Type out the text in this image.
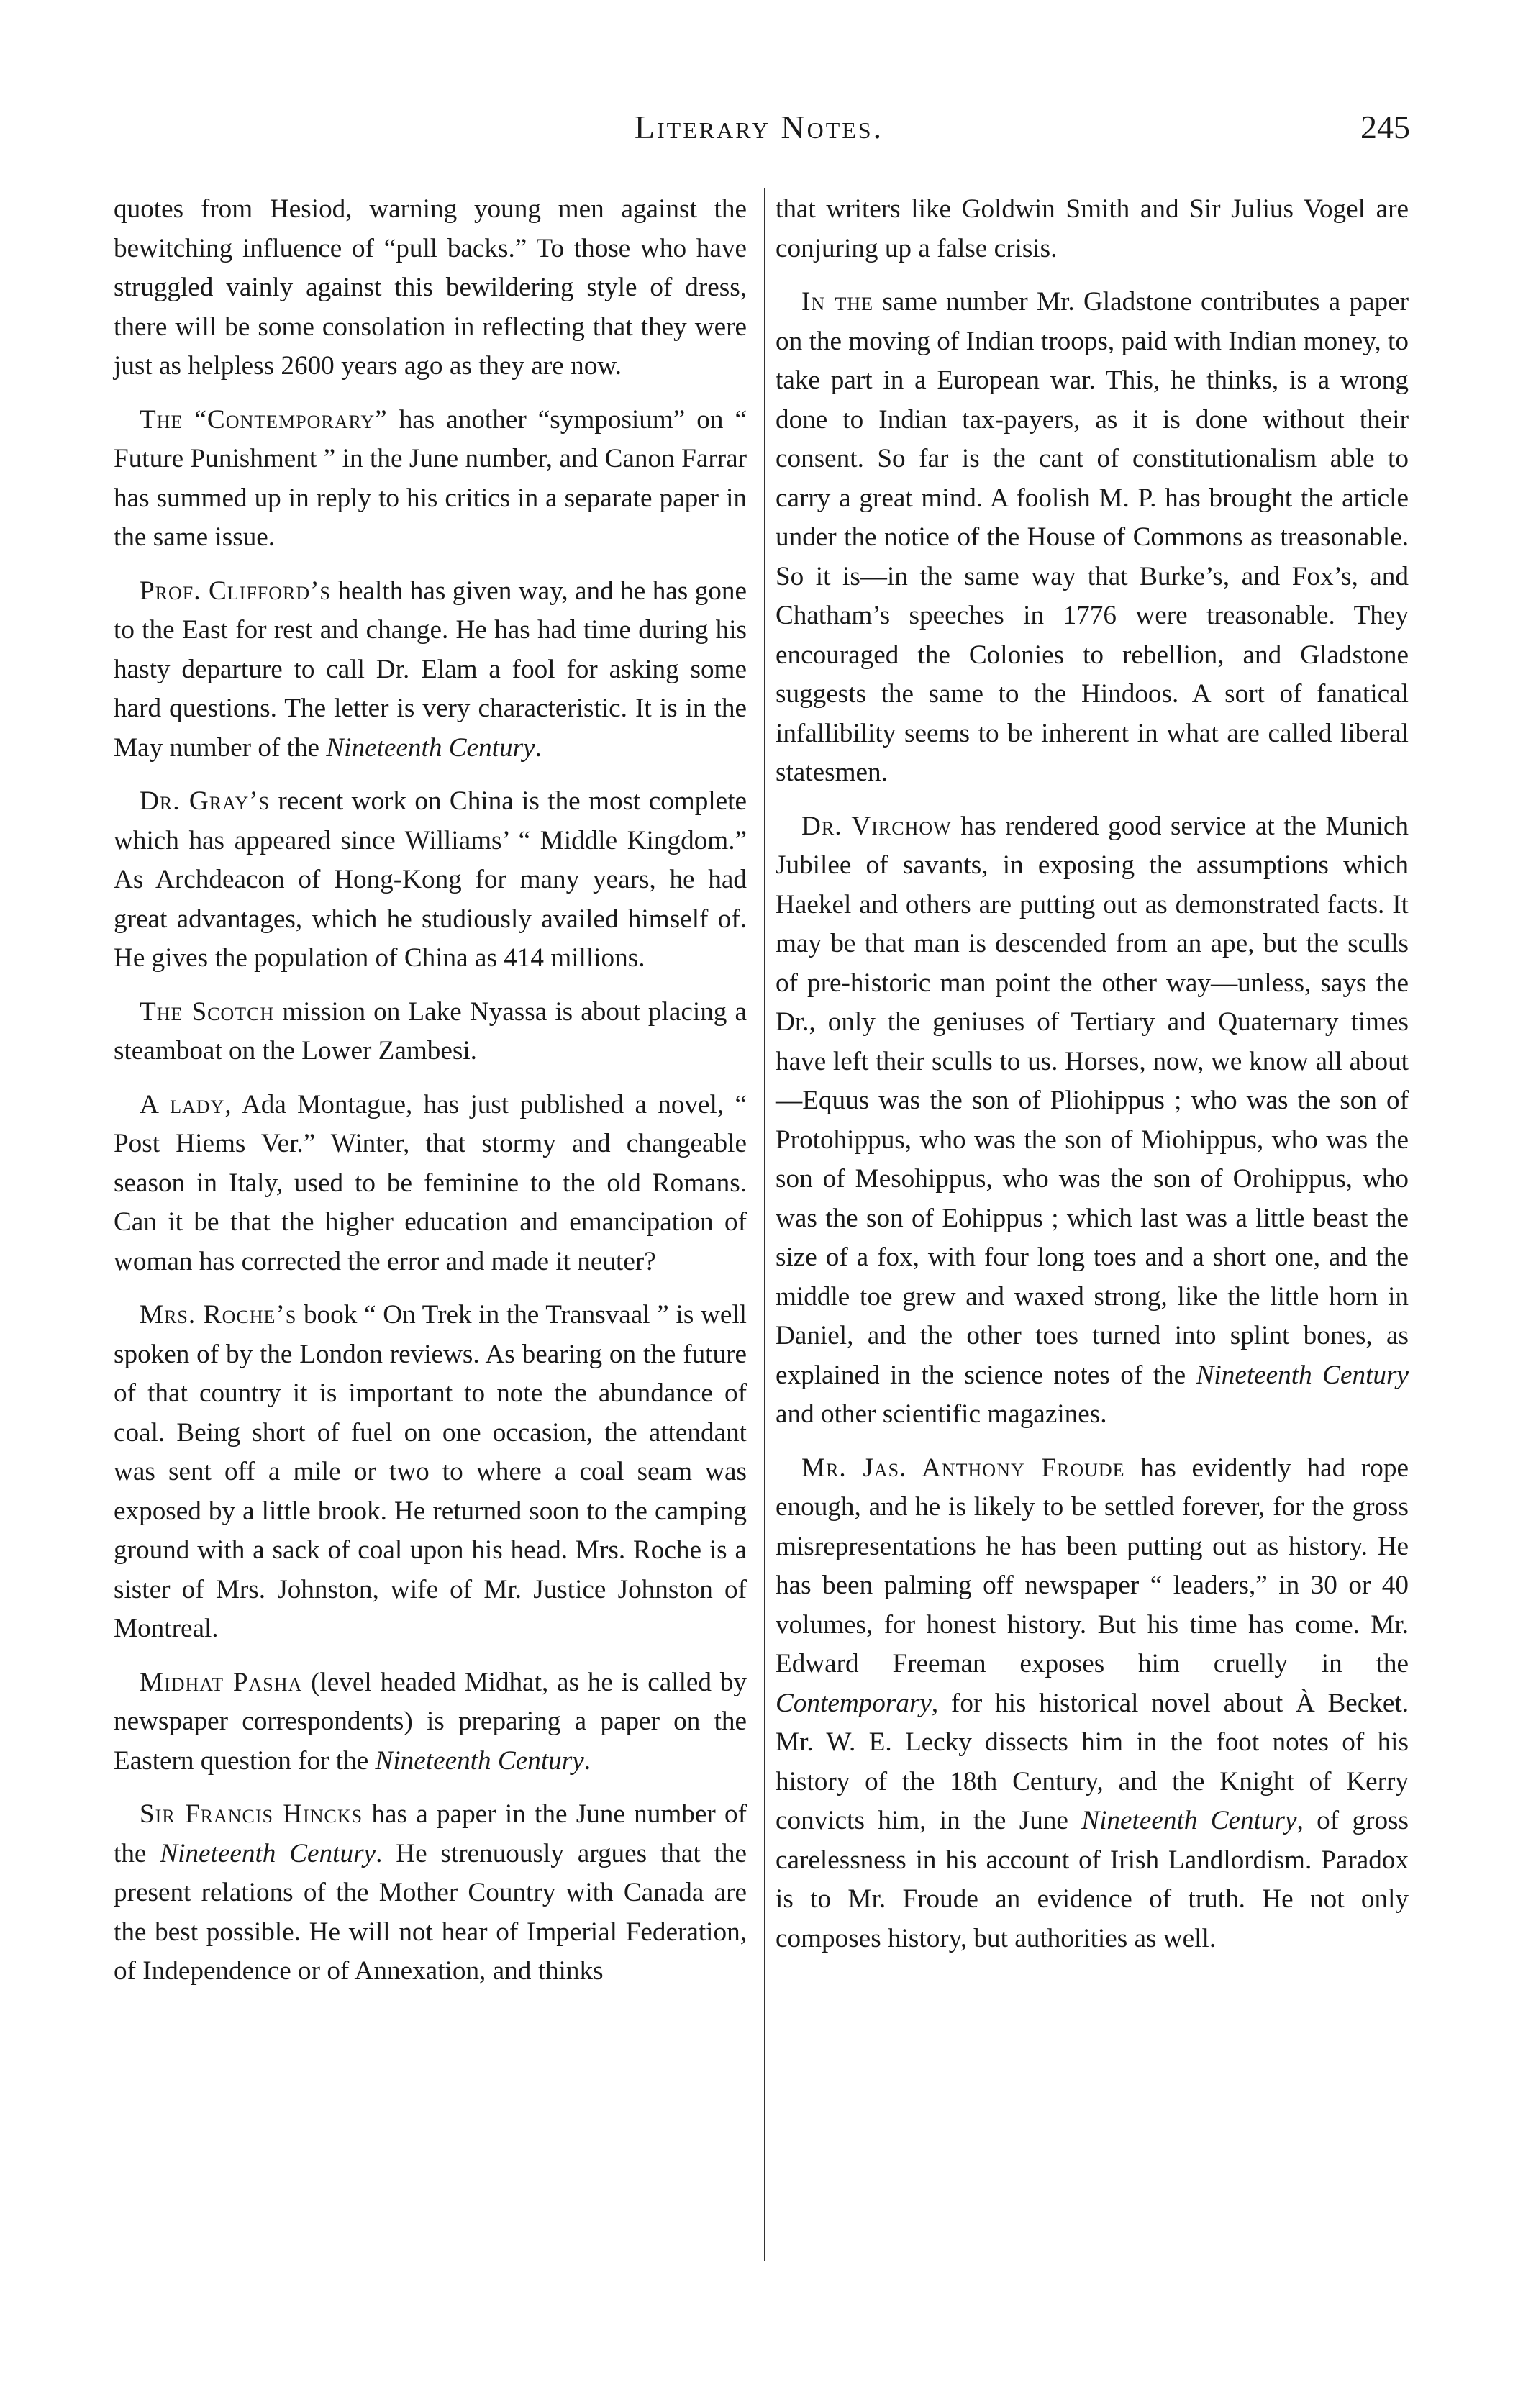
Literary Notes.	245

quotes from Hesiod, warning young men against the bewitching influence of “pull backs.” To those who have struggled vainly against this bewildering style of dress, there will be some consolation in reflecting that they were just as helpless 2600 years ago as they are now.

The “Contemporary” has another “symposium” on “ Future Punishment ” in the June number, and Canon Farrar has summed up in reply to his critics in a separate paper in the same issue.

Prof. Clifford’s health has given way, and he has gone to the East for rest and change. He has had time during his hasty departure to call Dr. Elam a fool for asking some hard questions. The letter is very characteristic. It is in the May number of the Nineteenth Century.

Dr. Gray’s recent work on China is the most complete which has appeared since Williams’ “ Middle Kingdom.” As Archdeacon of Hong-Kong for many years, he had great advantages, which he studiously availed himself of. He gives the population of China as 414 millions.

The Scotch mission on Lake Nyassa is about placing a steamboat on the Lower Zambesi.

A lady, Ada Montague, has just published a novel, “ Post Hiems Ver.” Winter, that stormy and changeable season in Italy, used to be feminine to the old Romans. Can it be that the higher education and emancipation of woman has corrected the error and made it neuter?

Mrs. Roche’s book “ On Trek in the Transvaal ” is well spoken of by the London reviews. As bearing on the future of that country it is important to note the abundance of coal. Being short of fuel on one occasion, the attendant was sent off a mile or two to where a coal seam was exposed by a little brook. He returned soon to the camping ground with a sack of coal upon his head. Mrs. Roche is a sister of Mrs. Johnston, wife of Mr. Justice Johnston of Montreal.

Midhat Pasha (level headed Midhat, as he is called by newspaper correspondents) is preparing a paper on the Eastern question for the Nineteenth Century.

Sir Francis Hincks has a paper in the June number of the Nineteenth Century. He strenuously argues that the present relations of the Mother Country with Canada are the best possible. He will not hear of Imperial Federation, of Independence or of Annexation, and thinks

that writers like Goldwin Smith and Sir Julius Vogel are conjuring up a false crisis.

In the same number Mr. Gladstone contributes a paper on the moving of Indian troops, paid with Indian money, to take part in a European war. This, he thinks, is a wrong done to Indian tax-payers, as it is done without their consent. So far is the cant of constitutionalism able to carry a great mind. A foolish M. P. has brought the article under the notice of the House of Commons as treasonable. So it is—in the same way that Burke’s, and Fox’s, and Chatham’s speeches in 1776 were treasonable. They encouraged the Colonies to rebellion, and Gladstone suggests the same to the Hindoos. A sort of fanatical infallibility seems to be inherent in what are called liberal statesmen.

Dr. Virchow has rendered good service at the Munich Jubilee of savants, in exposing the assumptions which Haekel and others are putting out as demonstrated facts. It may be that man is descended from an ape, but the sculls of pre-historic man point the other way—unless, says the Dr., only the geniuses of Tertiary and Quaternary times have left their sculls to us. Horses, now, we know all about—Equus was the son of Pliohippus ; who was the son of Protohippus, who was the son of Miohippus, who was the son of Mesohippus, who was the son of Orohippus, who was the son of Eohippus ; which last was a little beast the size of a fox, with four long toes and a short one, and the middle toe grew and waxed strong, like the little horn in Daniel, and the other toes turned into splint bones, as explained in the science notes of the Nineteenth Century and other scientific magazines.

Mr. Jas. Anthony Froude has evidently had rope enough, and he is likely to be settled forever, for the gross misrepresentations he has been putting out as history. He has been palming off newspaper “ leaders,” in 30 or 40 volumes, for honest history. But his time has come. Mr. Edward Freeman exposes him cruelly in the Contemporary, for his historical novel about À Becket. Mr. W. E. Lecky dissects him in the foot notes of his history of the 18th Century, and the Knight of Kerry convicts him, in the June Nineteenth Century, of gross carelessness in his account of Irish Landlordism. Paradox is to Mr. Froude an evidence of truth. He not only composes history, but authorities as well.
